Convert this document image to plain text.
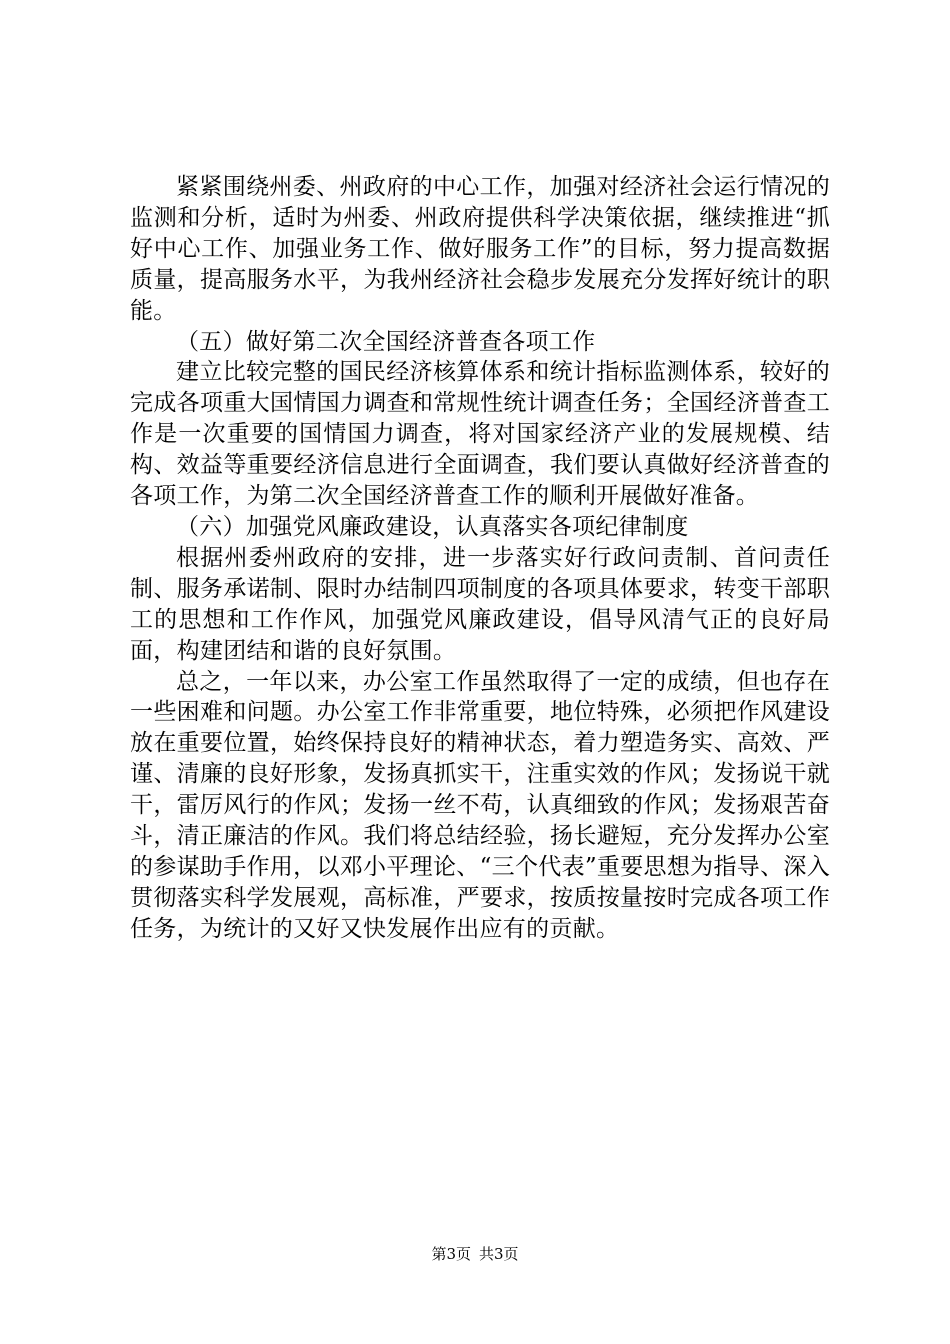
紧紧围绕州委、州政府的中心工作，加强对经济社会运行情况的监测和分析，适时为州委、州政府提供科学决策依据，继续推进“抓好中心工作、加强业务工作、做好服务工作”的目标，努力提高数据质量，提高服务水平，为我州经济社会稳步发展充分发挥好统计的职能。

（五）做好第二次全国经济普查各项工作

建立比较完整的国民经济核算体系和统计指标监测体系，较好的完成各项重大国情国力调查和常规性统计调查任务；全国经济普查工作是一次重要的国情国力调查，将对国家经济产业的发展规模、结构、效益等重要经济信息进行全面调查，我们要认真做好经济普查的各项工作，为第二次全国经济普查工作的顺利开展做好准备。

（六）加强党风廉政建设，认真落实各项纪律制度

根据州委州政府的安排，进一步落实好行政问责制、首问责任制、服务承诺制、限时办结制四项制度的各项具体要求，转变干部职工的思想和工作作风，加强党风廉政建设，倡导风清气正的良好局面，构建团结和谐的良好氛围。

总之，一年以来，办公室工作虽然取得了一定的成绩，但也存在一些困难和问题。办公室工作非常重要，地位特殊，必须把作风建设放在重要位置，始终保持良好的精神状态，着力塑造务实、高效、严谨、清廉的良好形象，发扬真抓实干，注重实效的作风；发扬说干就干，雷厉风行的作风；发扬一丝不苟，认真细致的作风；发扬艰苦奋斗，清正廉洁的作风。我们将总结经验，扬长避短，充分发挥办公室的参谋助手作用，以邓小平理论、“三个代表”重要思想为指导、深入贯彻落实科学发展观，高标准，严要求，按质按量按时完成各项工作任务，为统计的又好又快发展作出应有的贡献。

第3页 共3页
